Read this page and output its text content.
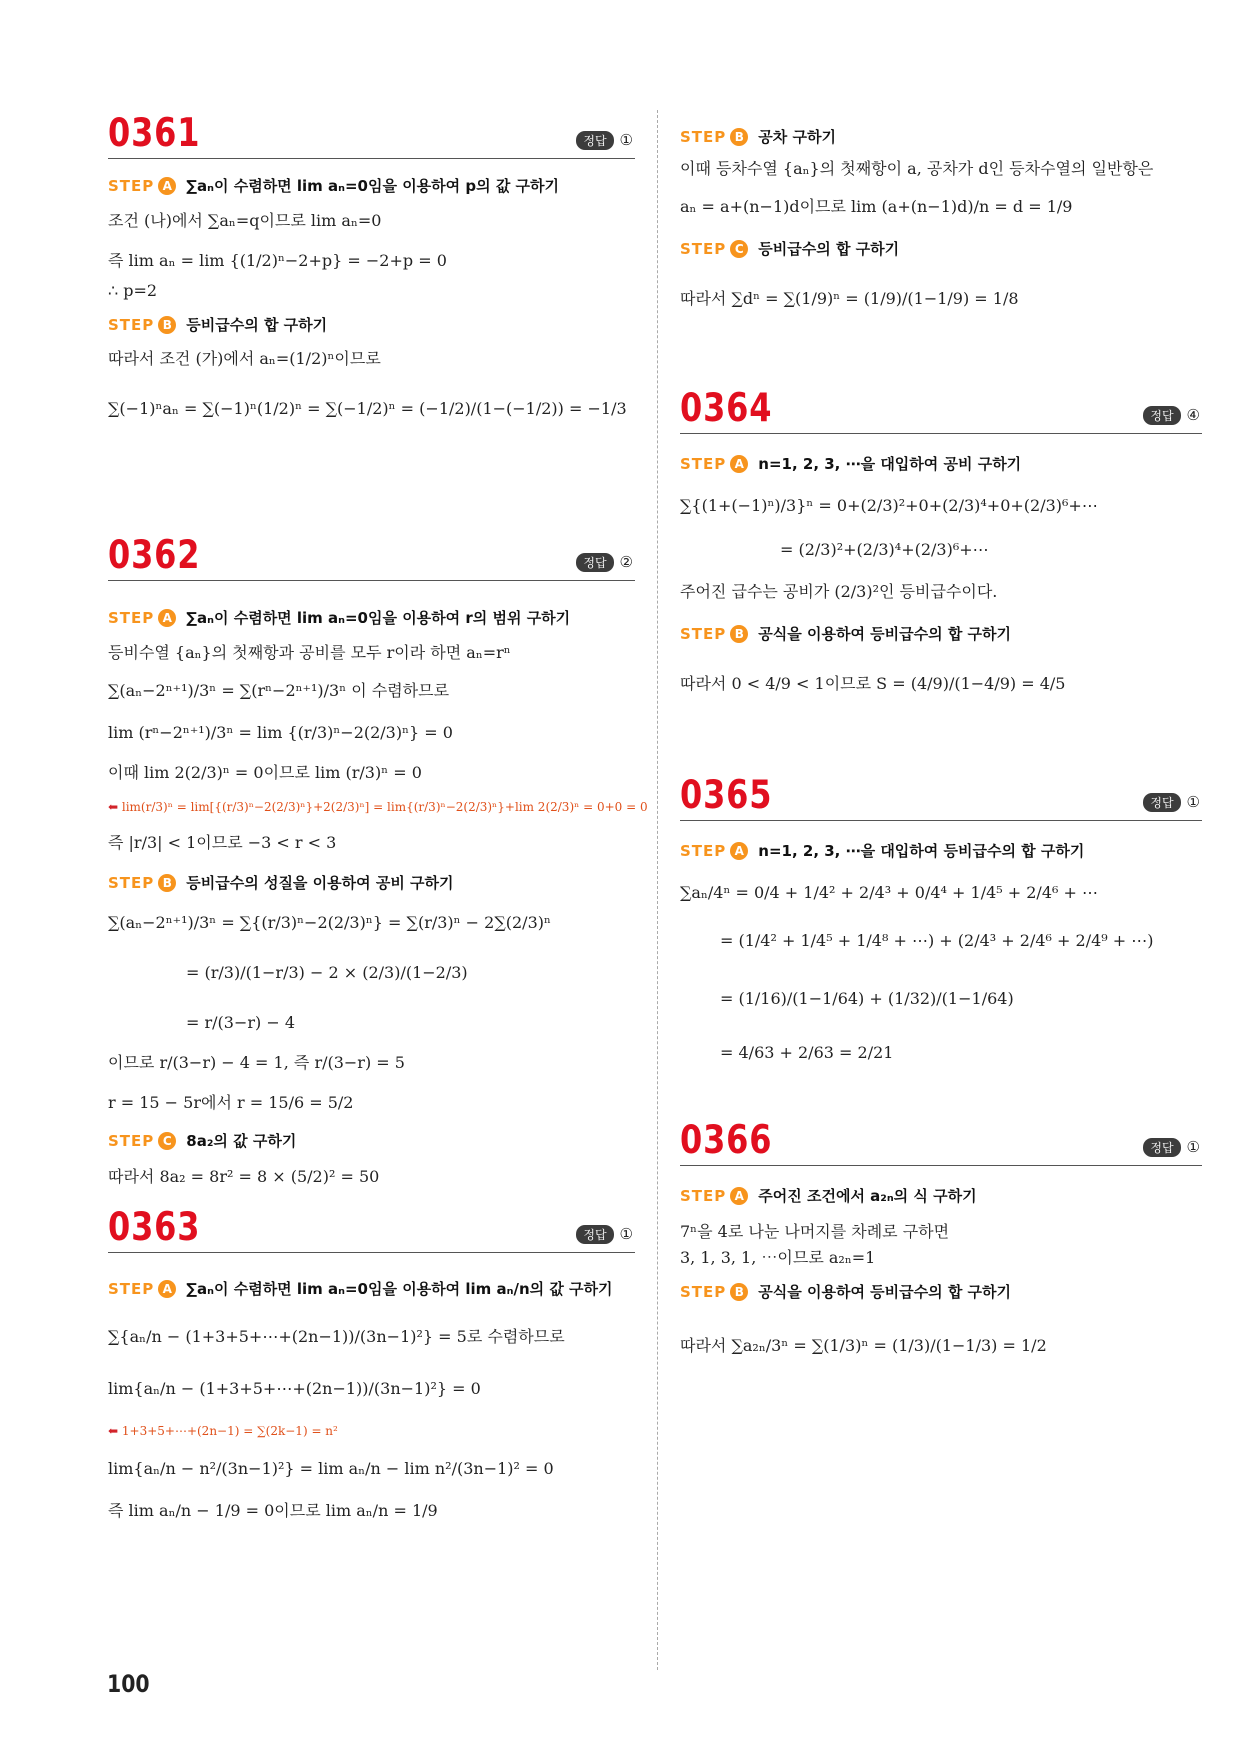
0361	정답 ①
STEP A ∑aₙ이 수렴하면 lim aₙ=0임을 이용하여 p의 값 구하기
조건 (나)에서 ∑aₙ=q이므로 lim aₙ=0
즉 lim aₙ = lim {(1/2)ⁿ−2+p} = −2+p = 0
∴ p=2
STEP B 등비급수의 합 구하기
따라서 조건 (가)에서 aₙ=(1/2)ⁿ이므로
∑(−1)ⁿaₙ = ∑(−1)ⁿ(1/2)ⁿ = ∑(−1/2)ⁿ = (−1/2)/(1−(−1/2)) = −1/3
0362	정답 ②
STEP A ∑aₙ이 수렴하면 lim aₙ=0임을 이용하여 r의 범위 구하기
등비수열 {aₙ}의 첫째항과 공비를 모두 r이라 하면 aₙ=rⁿ
∑(aₙ−2ⁿ⁺¹)/3ⁿ = ∑(rⁿ−2ⁿ⁺¹)/3ⁿ 이 수렴하므로
lim (rⁿ−2ⁿ⁺¹)/3ⁿ = lim {(r/3)ⁿ−2(2/3)ⁿ} = 0
이때 lim 2(2/3)ⁿ = 0이므로 lim (r/3)ⁿ = 0
⬅ lim(r/3)ⁿ = lim[{(r/3)ⁿ−2(2/3)ⁿ}+2(2/3)ⁿ] = lim{(r/3)ⁿ−2(2/3)ⁿ}+lim 2(2/3)ⁿ = 0+0 = 0
즉 |r/3| < 1이므로 −3 < r < 3
STEP B 등비급수의 성질을 이용하여 공비 구하기
∑(aₙ−2ⁿ⁺¹)/3ⁿ = ∑{(r/3)ⁿ−2(2/3)ⁿ} = ∑(r/3)ⁿ − 2∑(2/3)ⁿ
= (r/3)/(1−r/3) − 2 × (2/3)/(1−2/3)
= r/(3−r) − 4
이므로 r/(3−r) − 4 = 1, 즉 r/(3−r) = 5
r = 15 − 5r에서 r = 15/6 = 5/2
STEP C 8a₂의 값 구하기
따라서 8a₂ = 8r² = 8 × (5/2)² = 50
0363	정답 ①
STEP A ∑aₙ이 수렴하면 lim aₙ=0임을 이용하여 lim aₙ/n의 값 구하기
∑{aₙ/n − (1+3+5+⋯+(2n−1))/(3n−1)²} = 5로 수렴하므로
lim{aₙ/n − (1+3+5+⋯+(2n−1))/(3n−1)²} = 0
⬅ 1+3+5+⋯+(2n−1) = ∑(2k−1) = n²
lim{aₙ/n − n²/(3n−1)²} = lim aₙ/n − lim n²/(3n−1)² = 0
즉 lim aₙ/n − 1/9 = 0이므로 lim aₙ/n = 1/9
STEP B 공차 구하기
이때 등차수열 {aₙ}의 첫째항이 a, 공차가 d인 등차수열의 일반항은
aₙ = a+(n−1)d이므로 lim (a+(n−1)d)/n = d = 1/9
STEP C 등비급수의 합 구하기
따라서 ∑dⁿ = ∑(1/9)ⁿ = (1/9)/(1−1/9) = 1/8
0364	정답 ④
STEP A n=1, 2, 3, ⋯을 대입하여 공비 구하기
∑{(1+(−1)ⁿ)/3}ⁿ = 0+(2/3)²+0+(2/3)⁴+0+(2/3)⁶+⋯
= (2/3)²+(2/3)⁴+(2/3)⁶+⋯
주어진 급수는 공비가 (2/3)²인 등비급수이다.
STEP B 공식을 이용하여 등비급수의 합 구하기
따라서 0 < 4/9 < 1이므로 S = (4/9)/(1−4/9) = 4/5
0365	정답 ①
STEP A n=1, 2, 3, ⋯을 대입하여 등비급수의 합 구하기
∑aₙ/4ⁿ = 0/4 + 1/4² + 2/4³ + 0/4⁴ + 1/4⁵ + 2/4⁶ + ⋯
= (1/4² + 1/4⁵ + 1/4⁸ + ⋯) + (2/4³ + 2/4⁶ + 2/4⁹ + ⋯)
= (1/16)/(1−1/64) + (1/32)/(1−1/64)
= 4/63 + 2/63 = 2/21
0366	정답 ①
STEP A 주어진 조건에서 a₂ₙ의 식 구하기
7ⁿ을 4로 나눈 나머지를 차례로 구하면
3, 1, 3, 1, ⋯이므로 a₂ₙ=1
STEP B 공식을 이용하여 등비급수의 합 구하기
따라서 ∑a₂ₙ/3ⁿ = ∑(1/3)ⁿ = (1/3)/(1−1/3) = 1/2
100
